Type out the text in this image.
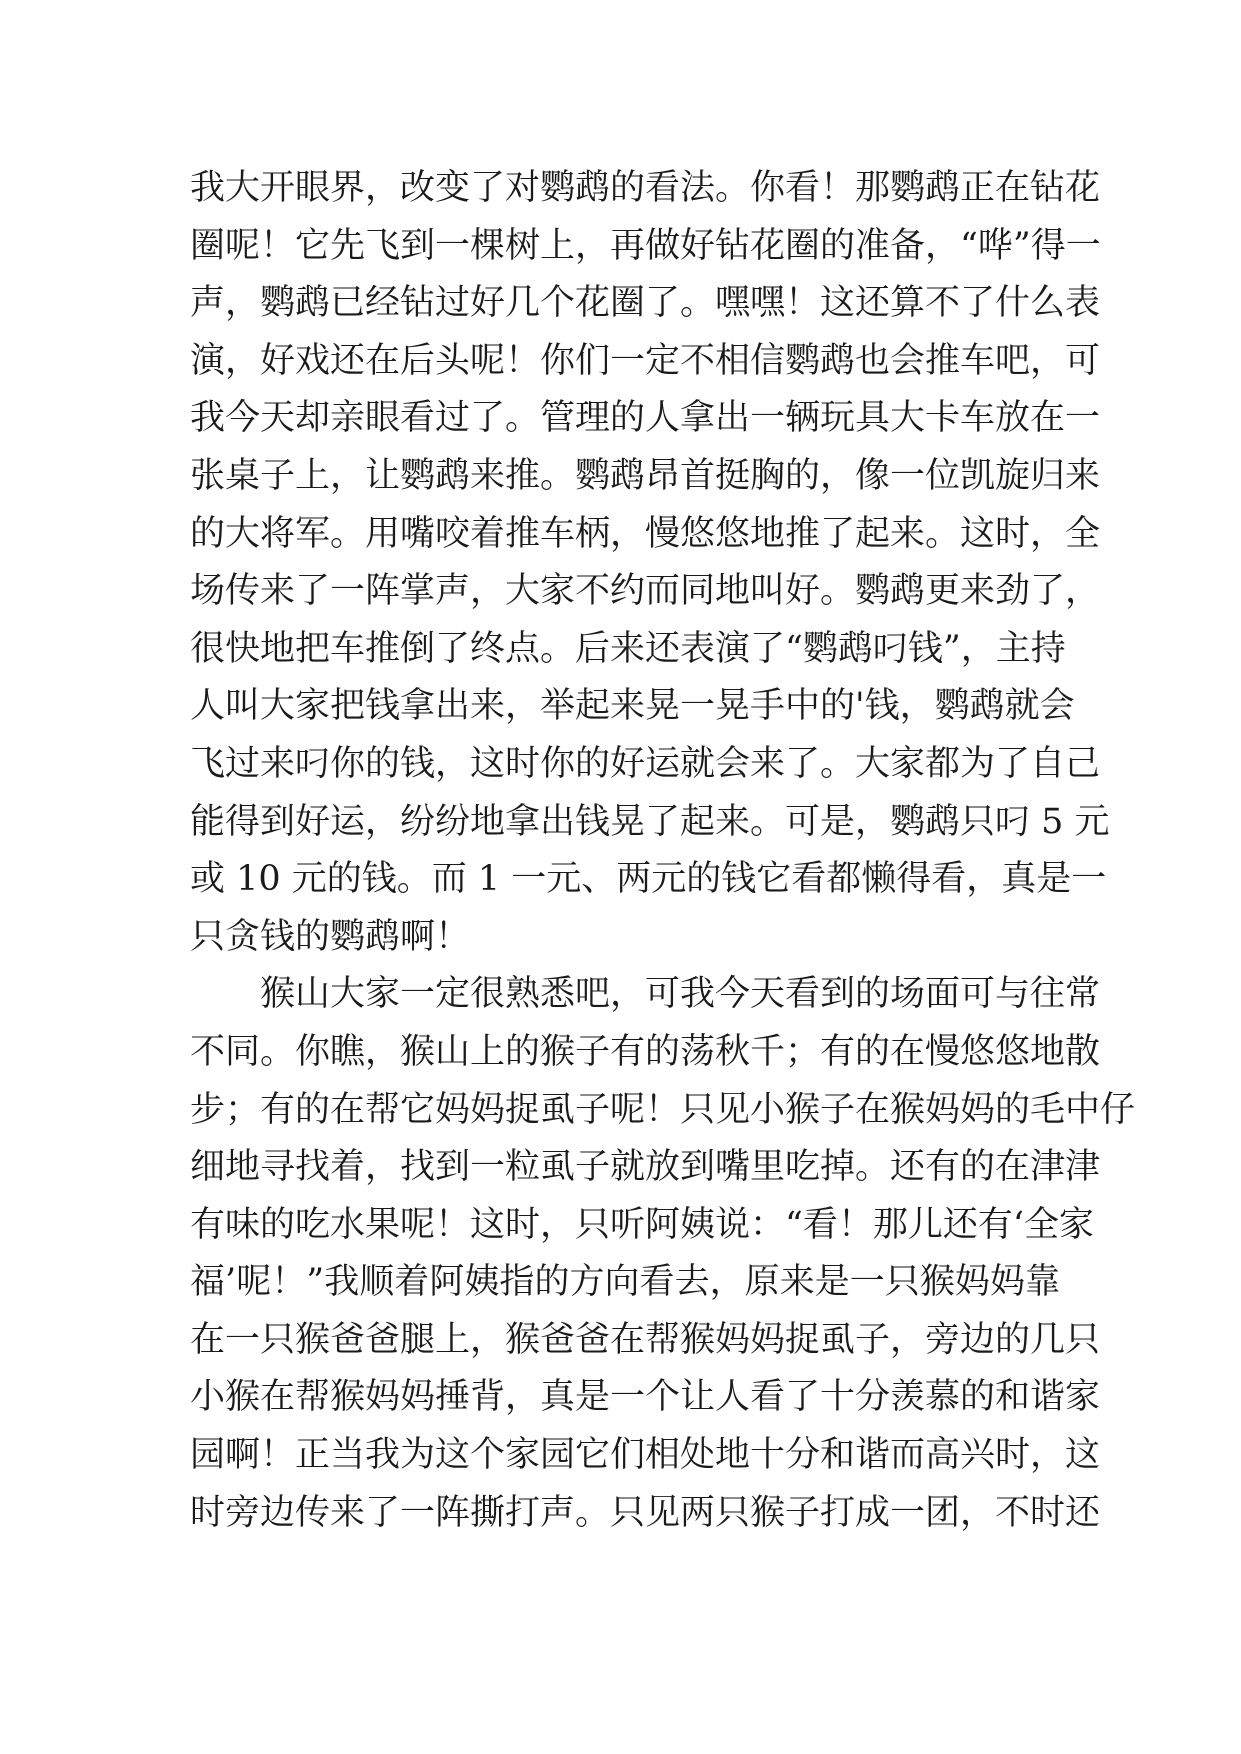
我大开眼界，改变了对鹦鹉的看法。你看！那鹦鹉正在钻花
圈呢！它先飞到一棵树上，再做好钻花圈的准备，“哗”得一
声，鹦鹉已经钻过好几个花圈了。嘿嘿！这还算不了什么表
演，好戏还在后头呢！你们一定不相信鹦鹉也会推车吧，可
我今天却亲眼看过了。管理的人拿出一辆玩具大卡车放在一
张桌子上，让鹦鹉来推。鹦鹉昂首挺胸的，像一位凯旋归来
的大将军。用嘴咬着推车柄，慢悠悠地推了起来。这时，全
场传来了一阵掌声，大家不约而同地叫好。鹦鹉更来劲了，
很快地把车推倒了终点。后来还表演了“鹦鹉叼钱”，主持
人叫大家把钱拿出来，举起来晃一晃手中的'钱，鹦鹉就会
飞过来叼你的钱，这时你的好运就会来了。大家都为了自己
能得到好运，纷纷地拿出钱晃了起来。可是，鹦鹉只叼 5 元
或 10 元的钱。而 1 一元、两元的钱它看都懒得看，真是一
只贪钱的鹦鹉啊！
　　猴山大家一定很熟悉吧，可我今天看到的场面可与往常
不同。你瞧，猴山上的猴子有的荡秋千；有的在慢悠悠地散
步；有的在帮它妈妈捉虱子呢！只见小猴子在猴妈妈的毛中仔
细地寻找着，找到一粒虱子就放到嘴里吃掉。还有的在津津
有味的吃水果呢！这时，只听阿姨说：“看！那儿还有‘全家
福’呢！”我顺着阿姨指的方向看去，原来是一只猴妈妈靠
在一只猴爸爸腿上，猴爸爸在帮猴妈妈捉虱子，旁边的几只
小猴在帮猴妈妈捶背，真是一个让人看了十分羡慕的和谐家
园啊！正当我为这个家园它们相处地十分和谐而高兴时，这
时旁边传来了一阵撕打声。只见两只猴子打成一团，不时还
